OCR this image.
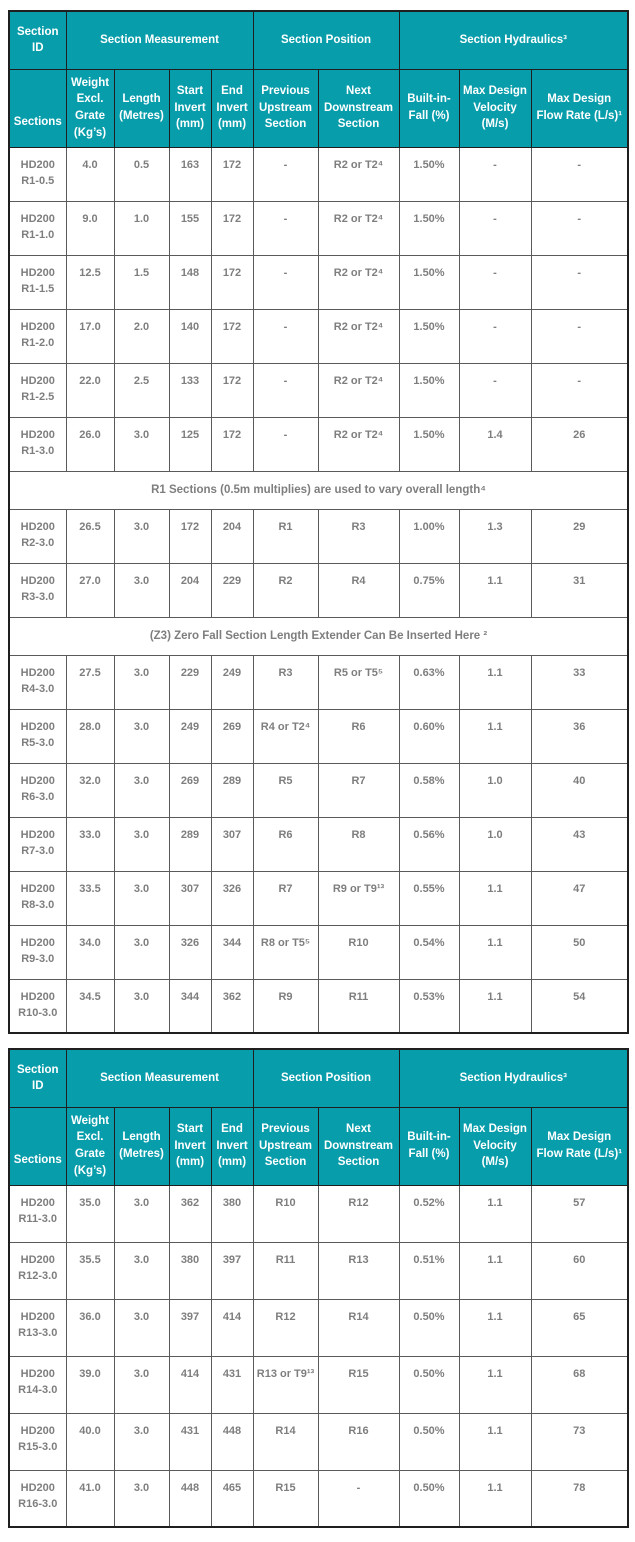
Section ID	Section Measurement				Section Position		Section Hydraulics³		
Sections	Weight Excl. Grate (Kg’s)	Length (Metres)	Start Invert (mm)	End Invert (mm)	Previous Upstream Section	Next Downstream Section	Built-in-Fall (%)	Max Design Velocity (M/s)	Max Design Flow Rate (L/s)¹
HD200 R1-0.5	4.0	0.5	163	172	-	R2 or T2⁴	1.50%	-	-
HD200 R1-1.0	9.0	1.0	155	172	-	R2 or T2⁴	1.50%	-	-
HD200 R1-1.5	12.5	1.5	148	172	-	R2 or T2⁴	1.50%	-	-
HD200 R1-2.0	17.0	2.0	140	172	-	R2 or T2⁴	1.50%	-	-
HD200 R1-2.5	22.0	2.5	133	172	-	R2 or T2⁴	1.50%	-	-
HD200 R1-3.0	26.0	3.0	125	172	-	R2 or T2⁴	1.50%	1.4	26
R1 Sections (0.5m multiplies) are used to vary overall length⁴									
HD200 R2-3.0	26.5	3.0	172	204	R1	R3	1.00%	1.3	29
HD200 R3-3.0	27.0	3.0	204	229	R2	R4	0.75%	1.1	31
(Z3) Zero Fall Section Length Extender Can Be Inserted Here ²									
HD200 R4-3.0	27.5	3.0	229	249	R3	R5 or T5⁵	0.63%	1.1	33
HD200 R5-3.0	28.0	3.0	249	269	R4 or T2⁴	R6	0.60%	1.1	36
HD200 R6-3.0	32.0	3.0	269	289	R5	R7	0.58%	1.0	40
HD200 R7-3.0	33.0	3.0	289	307	R6	R8	0.56%	1.0	43
HD200 R8-3.0	33.5	3.0	307	326	R7	R9 or T9¹³	0.55%	1.1	47
HD200 R9-3.0	34.0	3.0	326	344	R8 or T5⁵	R10	0.54%	1.1	50
HD200 R10-3.0	34.5	3.0	344	362	R9	R11	0.53%	1.1	54
Section ID	Section Measurement				Section Position		Section Hydraulics³		
Sections	Weight Excl. Grate (Kg’s)	Length (Metres)	Start Invert (mm)	End Invert (mm)	Previous Upstream Section	Next Downstream Section	Built-in-Fall (%)	Max Design Velocity (M/s)	Max Design Flow Rate (L/s)¹
HD200 R11-3.0	35.0	3.0	362	380	R10	R12	0.52%	1.1	57
HD200 R12-3.0	35.5	3.0	380	397	R11	R13	0.51%	1.1	60
HD200 R13-3.0	36.0	3.0	397	414	R12	R14	0.50%	1.1	65
HD200 R14-3.0	39.0	3.0	414	431	R13 or T9¹³	R15	0.50%	1.1	68
HD200 R15-3.0	40.0	3.0	431	448	R14	R16	0.50%	1.1	73
HD200 R16-3.0	41.0	3.0	448	465	R15	-	0.50%	1.1	78
